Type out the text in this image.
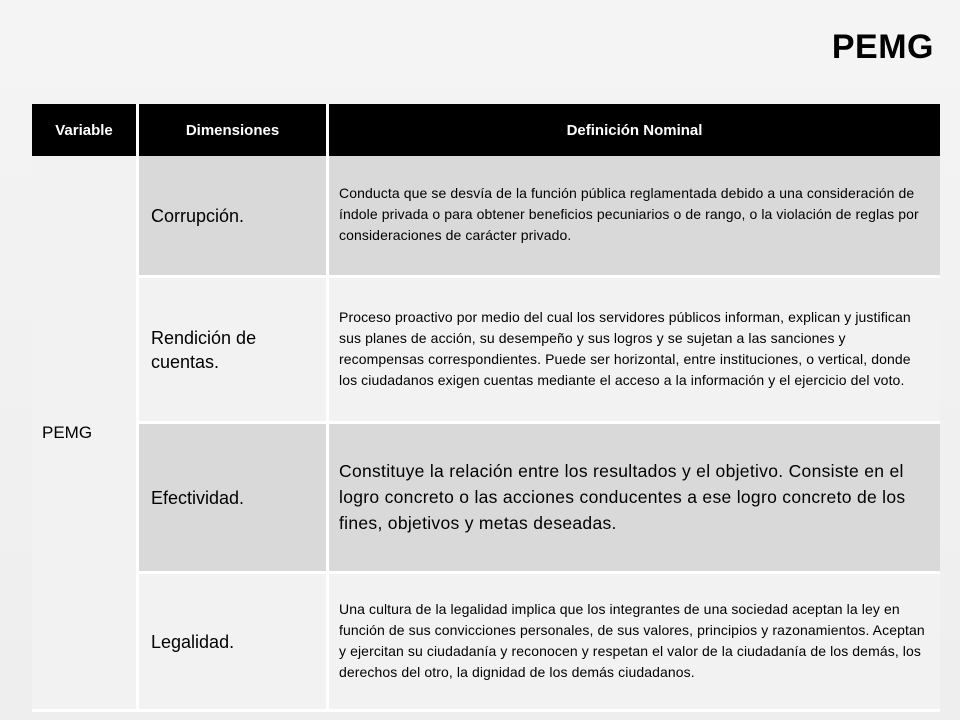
PEMG
Variable	Dimensiones	Definición Nominal
PEMG	Corrupción.	Conducta que se desvía de la función pública reglamentada debido a una consideración de índole privada o para obtener beneficios pecuniarios o de rango, o la violación de reglas por consideraciones de carácter privado.
	Rendición de cuentas.	Proceso proactivo por medio del cual los servidores públicos informan, explican y justifican sus planes de acción, su desempeño y sus logros y se sujetan a las sanciones y recompensas correspondientes. Puede ser horizontal, entre instituciones, o vertical, donde los ciudadanos exigen cuentas mediante el acceso a la información y el ejercicio del voto.
	Efectividad.	Constituye la relación entre los resultados y el objetivo. Consiste en el logro concreto o las acciones conducentes a ese logro concreto de los fines, objetivos y metas deseadas.
	Legalidad.	Una cultura de la legalidad implica que los integrantes de una sociedad aceptan la ley en función de sus convicciones personales, de sus valores, principios y razonamientos. Aceptan y ejercitan su ciudadanía y reconocen y respetan el valor de la ciudadanía de los demás, los derechos del otro, la dignidad de los demás ciudadanos.
